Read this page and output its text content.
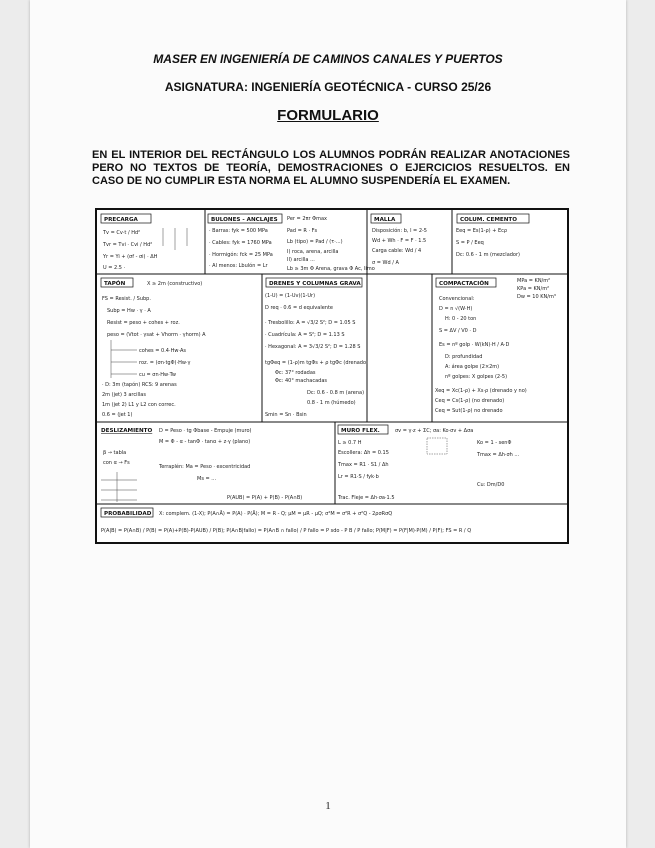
MASER EN INGENIERÍA DE CAMINOS CANALES Y PUERTOS
ASIGNATURA: INGENIERÍA GEOTÉCNICA - CURSO 25/26
FORMULARIO
EN EL INTERIOR DEL RECTÁNGULO LOS ALUMNOS PODRÁN REALIZAR ANOTACIONES PERO NO TEXTOS DE TEORÍA, DEMOSTRACIONES O EJERCICIOS RESUELTOS. EN CASO DE NO CUMPLIR ESTA NORMA EL ALUMNO SUSPENDERÍA EL EXAMEN.
PRECARGA
Tv = Cv·t / Hd²
Tvr = Tvi · Cvi / Hd²
Yr = Yi + (σf - σi) · ΔH
U = 2.5 ·
BULONES - ANCLAJES
· Barras: fyk = 500 MPa
· Cables: fyk = 1760 MPa
· Hormigón: fck = 25 MPa
· Al menos: Lbulón = Lr
Per = 2πr Φmax
Pad = R · Fs
Lb (tipo) = Pad / (τ·...)
I) roca, arena, arcilla
II) arcilla ...
Lb ≥ 3m Φ Arena, grava Φ Ac, limo
MALLA
Disposición: b, l = 2-5
Wd + Wh · F = F · 1.5
Carga cable: Wd / 4
σ = Wd / A
COLUM. CEMENTO
Eeq = Es(1-ρ) + Ecρ
S = P / Eeq
Dc: 0.6 - 1 m (mezclador)
TAPÓN	X ≥ 2m (constructivo)
FS = Resist. / Subp.
Subp = Hw · γ · A
Resist = peso + cohes + roz.
peso = (Vtot · γsat + Vhorm · γhorm) A
· D: 3m (tapón) RCS: 9 arenas
2m (jet) 3 arcillas
1m (jet 2) L1 y L2 con correc.
0.6 = (jet 1)
cohes = 0.4·Hw·As
roz. = (σn·tgΦ)·Hw·γ
cu = σn·Hw·Tw
DRENES Y COLUMNAS GRAVA
(1-U) = (1-Uv)(1-Ur)
D req · 0.6 = d equivalente
· Tresbolillo: A = √3/2 S²; D = 1.05 S
· Cuadrícula: A = S²; D = 1.13 S
· Hexagonal: A = 3√3/2 S²; D = 1.28 S
tgΦeq = (1-ρ)m tgΦs + ρ tgΦc (drenado)
Φc: 37° rodadas
Φc: 40° machacadas
Dc: 0.6 - 0.8 m (arena)
0.8 - 1 m (húmedo)
Smin = Sn · Bsin
COMPACTACIÓN	MPa = KN/m²
KPa = KN/m²
Dw = 10 KN/m³
Convencional:
D = n √(W·H)
H: 0 - 20 ton
S = ΔV / V0 · D
Es = nº golp · W(kN)·H / A·D
D: profundidad
A: área golpe (2×2m)
nº golpes: X golpes (2-5)
Xeq = Xc(1-ρ) + Xs·ρ (drenado y no)
Ceq = Cs(1-ρ) (no drenado)
Ceq = Sut(1-ρ) no drenado
DESLIZAMIENTO D = Peso · tg Φbase - Empuje (muro)
M = Φ - α - tanΦ · tanα + z·γ (plano)
β → tabla
con α → Fs
Terraplén: Ma = Peso · excentricidad
Ms = ...
P(AUB) = P(A) + P(B) - P(A∩B)
MURO FLEX.	σv = γ·z + ΣC; σa: Ko·σv + Δσa
L ≥ 0.7 H
Escollera: Δh = 0.15
Tmax = R1 · S1 / Δh
Lr = R1·S / fyk·b
Ko = 1 - senΦ
Tmax = Δh·σh ...
Cu: Dm/D0
Trac. Fleje = Δh·σa·1.5
PROBABILIDAD X: complem. (1-X); P(A∩Ā) = P(A) · P(Ā); M = R - Q; μM = μR - μQ; σ²M = σ²R + σ²Q - 2ρσRσQ
P(A|B) = P(A∩B) / P(B) = P(A)+P(B)-P(AUB) / P(B); P(A∩B|fallo) = P(A∩B ∩ fallo) / P fallo = P sdo - P B / P fallo; P(M|F) = P(F|M)·P(M) / P(F); FS = R / Q
1
